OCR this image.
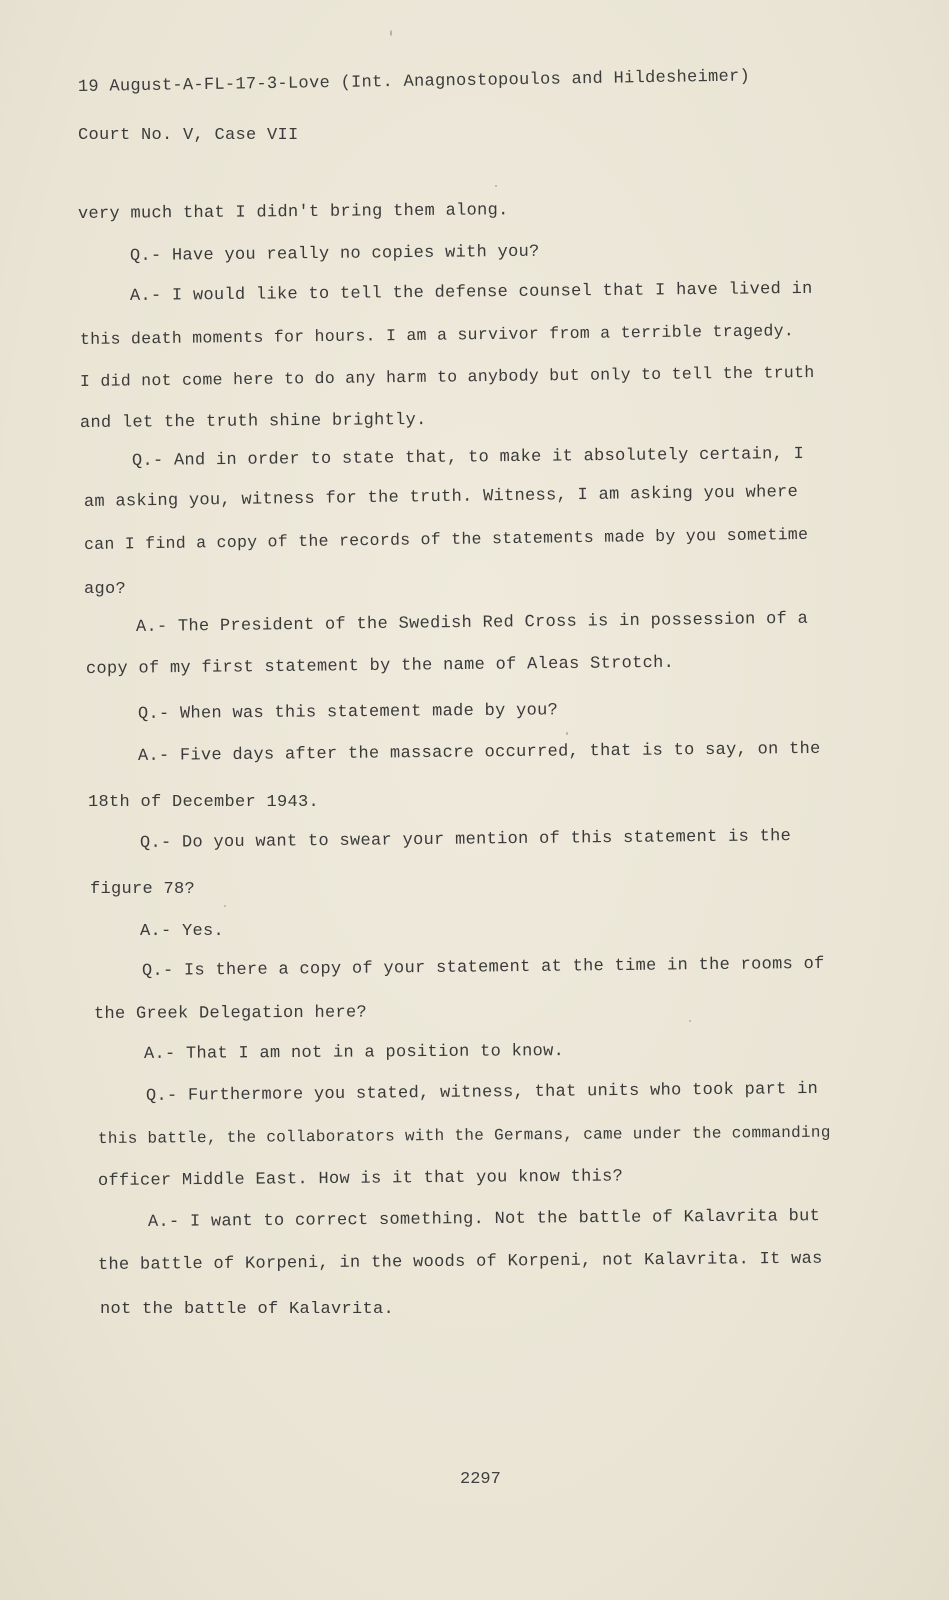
19 August-A-FL-17-3-Love (Int. Anagnostopoulos and Hildesheimer)
Court No. V, Case VII
very much that I didn't bring them along.
Q.- Have you really no copies with you?
A.- I would like to tell the defense counsel that I have lived in
this death moments for hours. I am a survivor from a terrible tragedy.
I did not come here to do any harm to anybody but only to tell the truth
and let the truth shine brightly.
Q.- And in order to state that, to make it absolutely certain, I
am asking you, witness for the truth. Witness, I am asking you where
can I find a copy of the records of the statements made by you sometime
ago?
A.- The President of the Swedish Red Cross is in possession of a
copy of my first statement by the name of Aleas Strotch.
Q.- When was this statement made by you?
A.- Five days after the massacre occurred, that is to say, on the
18th of December 1943.
Q.- Do you want to swear your mention of this statement is the
figure 78?
A.- Yes.
Q.- Is there a copy of your statement at the time in the rooms of
the Greek Delegation here?
A.- That I am not in a position to know.
Q.- Furthermore you stated, witness, that units who took part in
this battle, the collaborators with the Germans, came under the commanding
officer Middle East. How is it that you know this?
A.- I want to correct something. Not the battle of Kalavrita but
the battle of Korpeni, in the woods of Korpeni, not Kalavrita. It was
not the battle of Kalavrita.
2297
